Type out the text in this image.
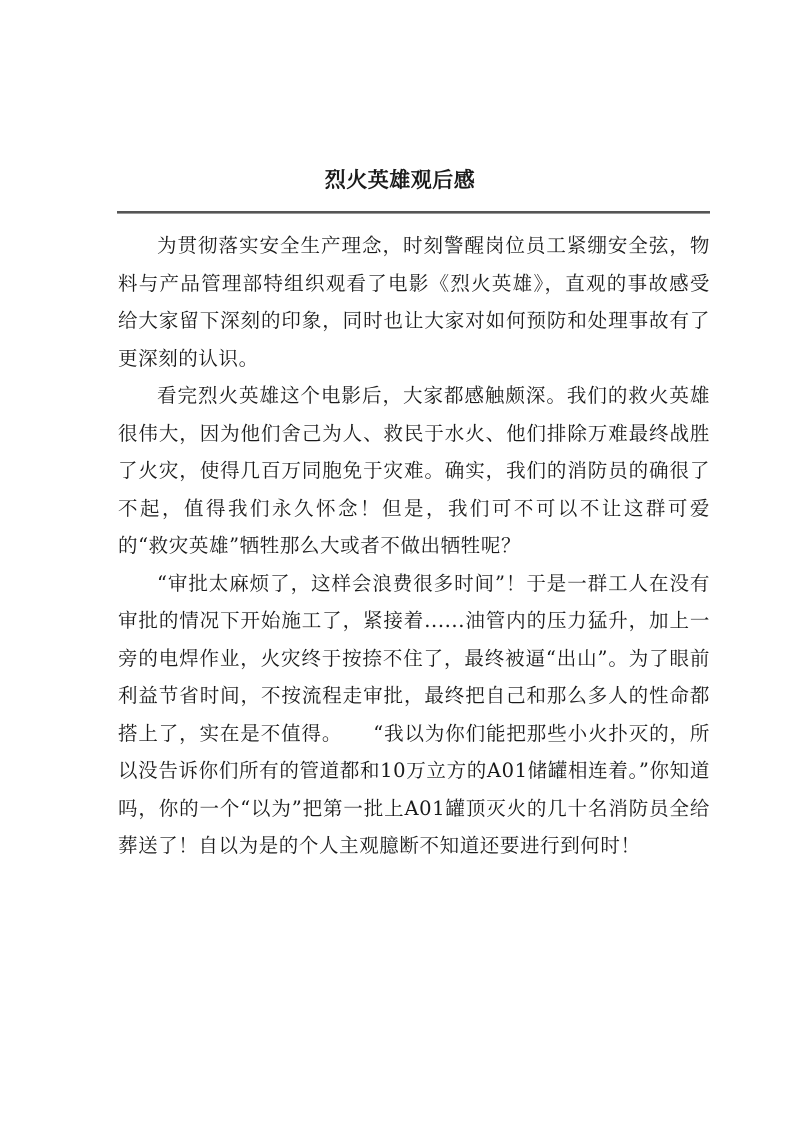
烈火英雄观后感

为贯彻落实安全生产理念，时刻警醒岗位员工紧绷安全弦，物料与产品管理部特组织观看了电影《烈火英雄》，直观的事故感受给大家留下深刻的印象，同时也让大家对如何预防和处理事故有了更深刻的认识。

看完烈火英雄这个电影后，大家都感触颇深。我们的救火英雄很伟大，因为他们舍己为人、救民于水火、他们排除万难最终战胜了火灾，使得几百万同胞免于灾难。确实，我们的消防员的确很了不起，值得我们永久怀念！但是，我们可不可以不让这群可爱的“救灾英雄”牺牲那么大或者不做出牺牲呢？

“审批太麻烦了，这样会浪费很多时间”！于是一群工人在没有审批的情况下开始施工了，紧接着......油管内的压力猛升，加上一旁的电焊作业，火灾终于按捺不住了，最终被逼“出山”。为了眼前利益节省时间，不按流程走审批，最终把自己和那么多人的性命都搭上了，实在是不值得。　　“我以为你们能把那些小火扑灭的，所以没告诉你们所有的管道都和10万立方的A01储罐相连着。”你知道吗，你的一个“以为”把第一批上A01罐顶灭火的几十名消防员全给葬送了！自以为是的个人主观臆断不知道还要进行到何时！
